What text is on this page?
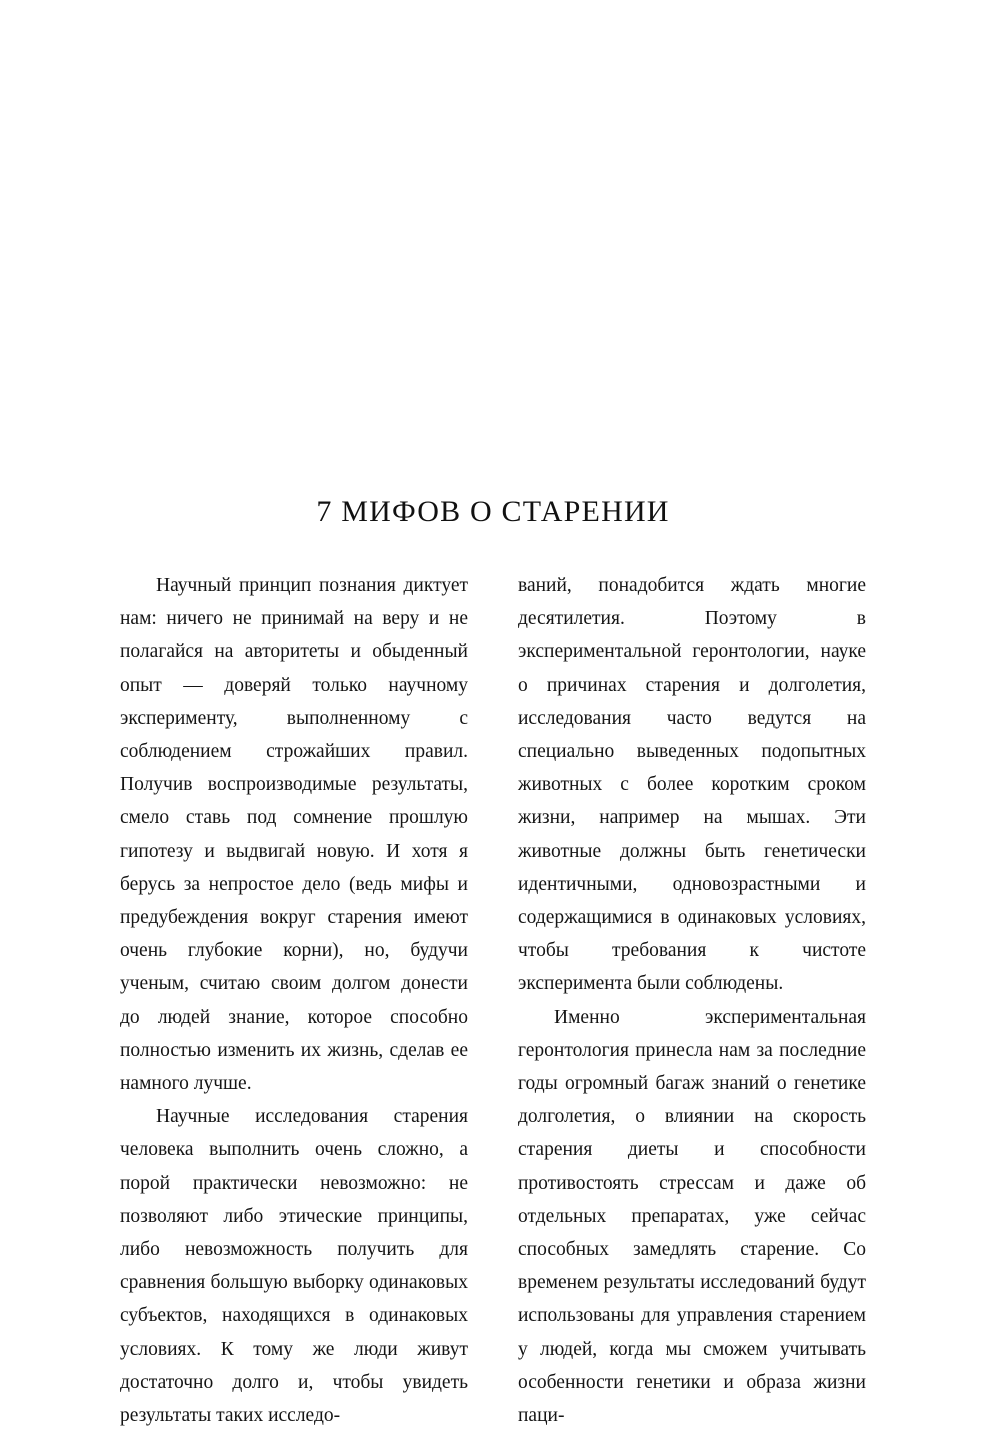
7 МИФОВ О СТАРЕНИИ

Научный принцип познания диктует нам: ничего не принимай на веру и не полагайся на авторитеты и обыденный опыт — доверяй только научному эксперименту, выполненному с соблюдением строжайших правил. Получив воспроизводимые результаты, смело ставь под сомнение прошлую гипотезу и выдвигай новую. И хотя я берусь за непростое дело (ведь мифы и предубеждения вокруг старения имеют очень глубокие корни), но, будучи ученым, считаю своим долгом донести до людей знание, которое способно полностью изменить их жизнь, сделав ее намного лучше.

Научные исследования старения человека выполнить очень сложно, а порой практически невозможно: не позволяют либо этические принципы, либо невозможность получить для сравнения большую выборку одинаковых субъектов, находящихся в одинаковых условиях. К тому же люди живут достаточно долго и, чтобы увидеть результаты таких исследо-

ваний, понадобится ждать многие десятилетия. Поэтому в экспериментальной геронтологии, науке о причинах старения и долголетия, исследования часто ведутся на специально выведенных подопытных животных с более коротким сроком жизни, например на мышах. Эти животные должны быть генетически идентичными, одновозрастными и содержащимися в одинаковых условиях, чтобы требования к чистоте эксперимента были соблюдены.

Именно экспериментальная геронтология принесла нам за последние годы огромный багаж знаний о генетике долголетия, о влиянии на скорость старения диеты и способности противостоять стрессам и даже об отдельных препаратах, уже сейчас способных замедлять старение. Со временем результаты исследований будут использованы для управления старением у людей, когда мы сможем учитывать особенности генетики и образа жизни паци-
